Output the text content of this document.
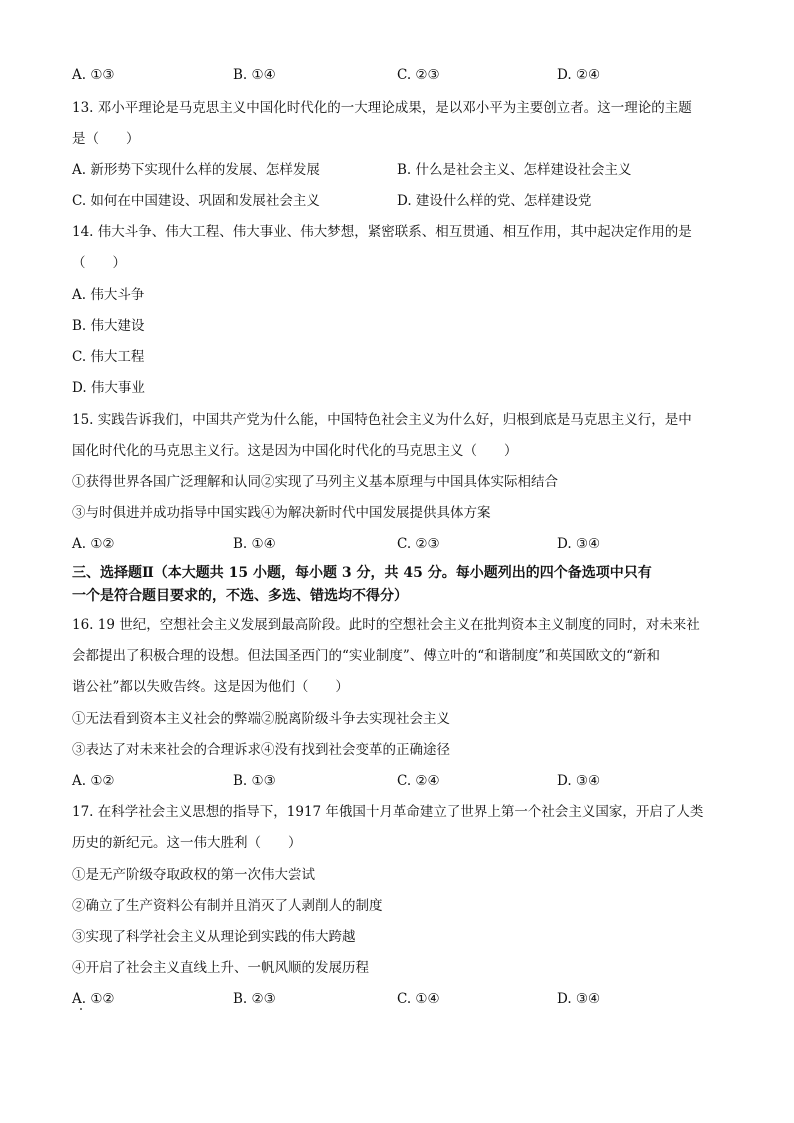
A. ①③	B. ①④	C. ②③	D. ②④
13. 邓小平理论是马克思主义中国化时代化的一大理论成果，是以邓小平为主要创立者。这一理论的主题
是（　　）
A. 新形势下实现什么样的发展、怎样发展	B. 什么是社会主义、怎样建设社会主义
C. 如何在中国建设、巩固和发展社会主义	D. 建设什么样的党、怎样建设党
14. 伟大斗争、伟大工程、伟大事业、伟大梦想，紧密联系、相互贯通、相互作用，其中起决定作用的是
（　　）
A. 伟大斗争
B. 伟大建设
C. 伟大工程
D. 伟大事业
15. 实践告诉我们，中国共产党为什么能，中国特色社会主义为什么好，归根到底是马克思主义行，是中
国化时代化的马克思主义行。这是因为中国化时代化的马克思主义（　　）
①获得世界各国广泛理解和认同②实现了马列主义基本原理与中国具体实际相结合
③与时俱进并成功指导中国实践④为解决新时代中国发展提供具体方案
A. ①②	B. ①④	C. ②③	D. ③④
三、选择题Ⅱ（本大题共 15 小题，每小题 3 分，共 45 分。每小题列出的四个备选项中只有
一个是符合题目要求的，不选、多选、错选均不得分）
16. 19 世纪，空想社会主义发展到最高阶段。此时的空想社会主义在批判资本主义制度的同时，对未来社
会都提出了积极合理的设想。但法国圣西门的“实业制度”、傅立叶的“和谐制度”和英国欧文的“新和
谐公社”都以失败告终。这是因为他们（　　）
①无法看到资本主义社会的弊端②脱离阶级斗争去实现社会主义
③表达了对未来社会的合理诉求④没有找到社会变革的正确途径
A. ①②	B. ①③	C. ②④	D. ③④
17. 在科学社会主义思想的指导下，1917 年俄国十月革命建立了世界上第一个社会主义国家，开启了人类
历史的新纪元。这一伟大胜利（　　）
①是无产阶级夺取政权的第一次伟大尝试
②确立了生产资料公有制并且消灭了人剥削人的制度
③实现了科学社会主义从理论到实践的伟大跨越
④开启了社会主义直线上升、一帆风顺的发展历程
A. ①②	B. ②③	C. ①④	D. ③④
